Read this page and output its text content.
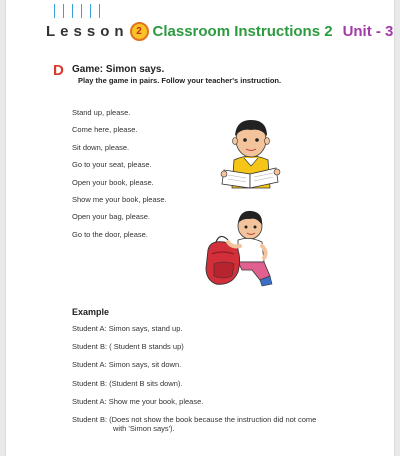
Lesson 2 Classroom Instructions 2 Unit - 3
D Game: Simon says.
Play the game in pairs. Follow your teacher's instruction.
Stand up, please.
Come here, please.
Sit down, please.
Go to your seat, please.
Open your book, please.
Show me your book, please.
Open your bag, please.
Go to the door, please.
Example
Student A: Simon says, stand up.
Student B: ( Student B stands up)
Student A: Simon says, sit down.
Student B: (Student B sits down).
Student A: Show me your book, please.
Student B: (Does not show the book because the instruction did not come
with 'Simon says').
